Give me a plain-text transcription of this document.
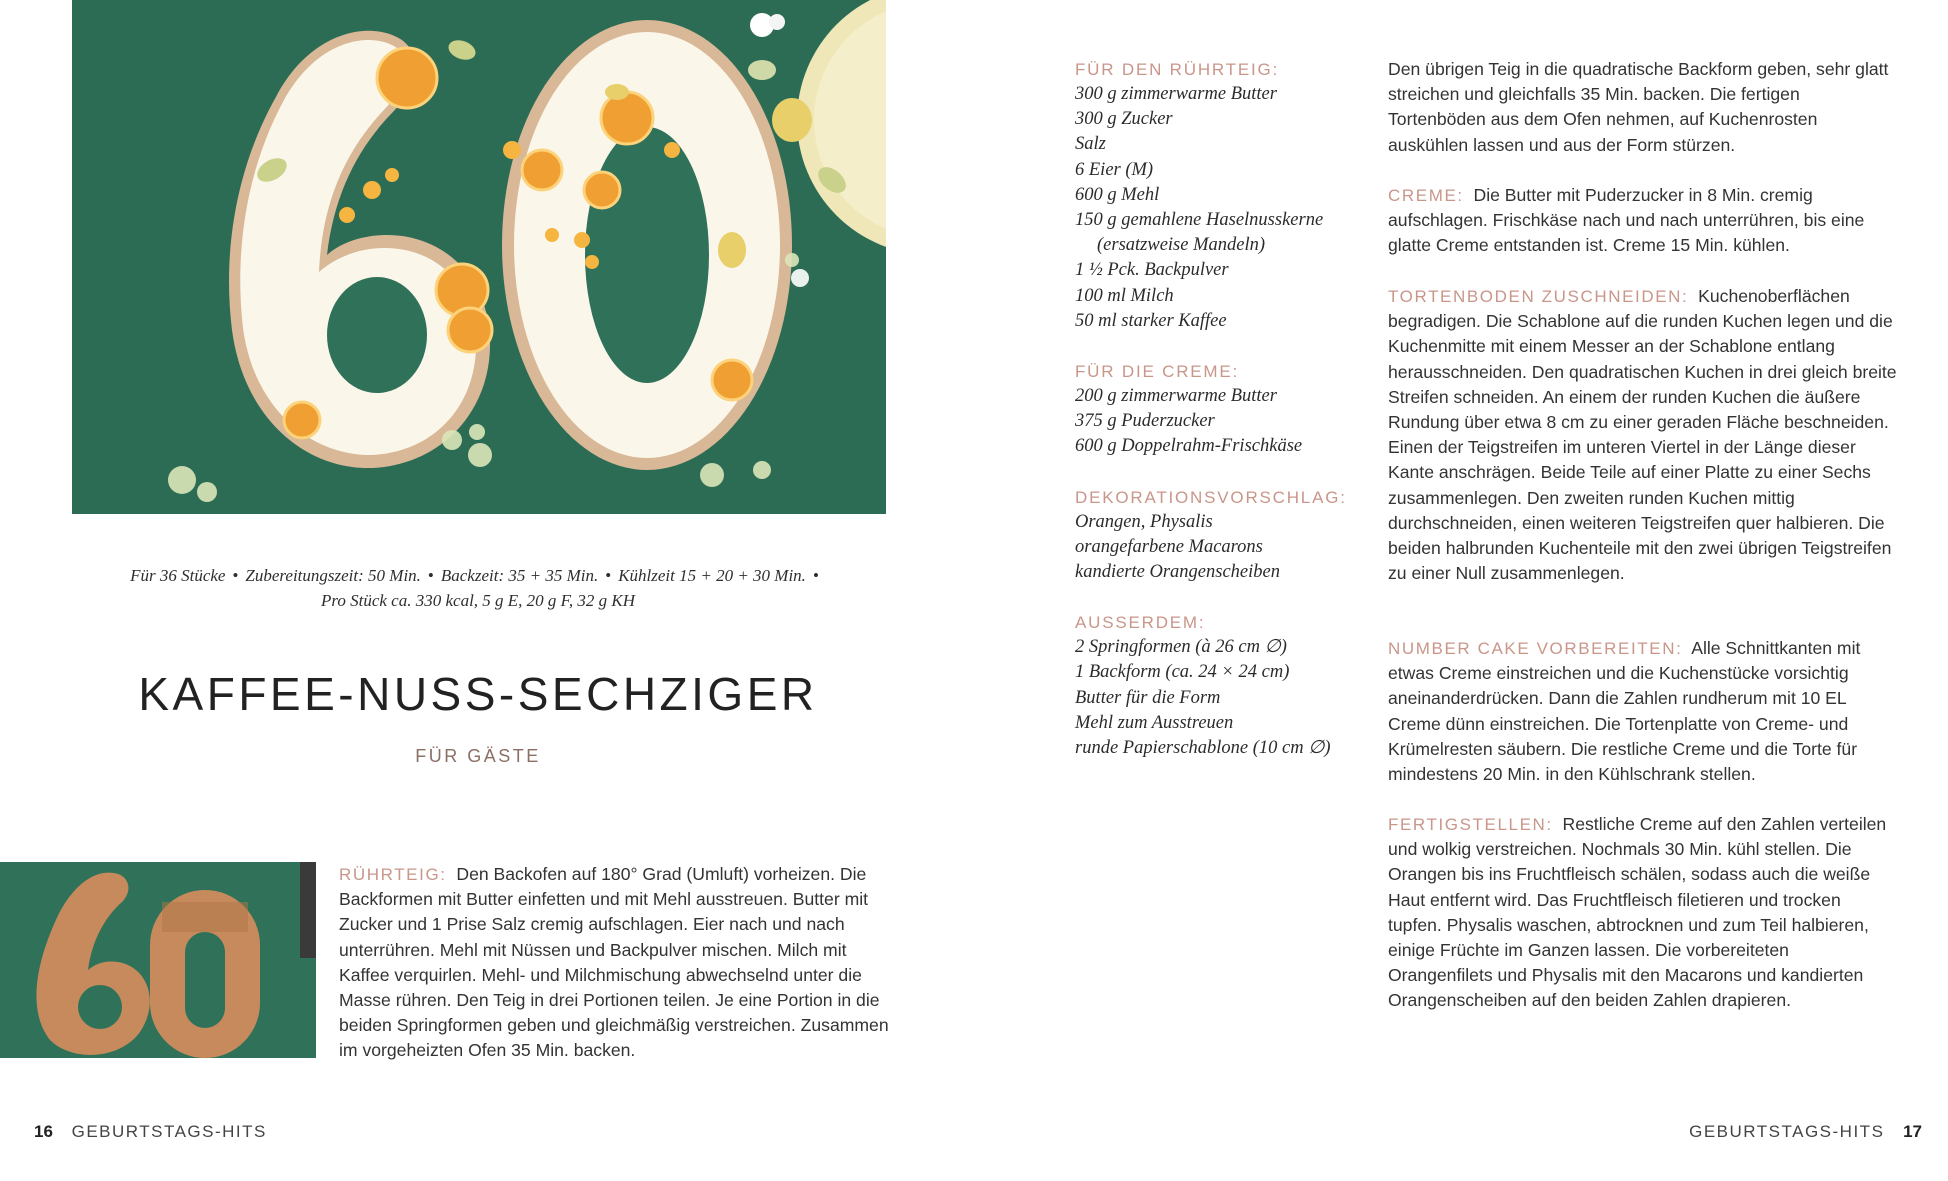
Für 36 Stücke • Zubereitungszeit: 50 Min. • Backzeit: 35 + 35 Min. • Kühlzeit 15 + 20 + 30 Min. •
Pro Stück ca. 330 kcal, 5 g E, 20 g F, 32 g KH
KAFFEE-NUSS-SECHZIGER
FÜR GÄSTE
RÜHRTEIG: Den Backofen auf 180° Grad (Umluft) vorheizen. Die Backformen mit Butter einfetten und mit Mehl ausstreuen. Butter mit Zucker und 1 Prise Salz cremig aufschlagen. Eier nach und nach unterrühren. Mehl mit Nüssen und Backpulver mischen. Milch mit Kaffee verquirlen. Mehl- und Milchmischung abwechselnd unter die Masse rühren. Den Teig in drei Portionen teilen. Je eine Portion in die beiden Springformen geben und gleichmäßig verstreichen. Zusammen im vorgeheizten Ofen 35 Min. backen.
16 GEBURTSTAGS-HITS
FÜR DEN RÜHRTEIG:
300 g zimmerwarme Butter
300 g Zucker
Salz
6 Eier (M)
600 g Mehl
150 g gemahlene Haselnusskerne
(ersatzweise Mandeln)
1 ½ Pck. Backpulver
100 ml Milch
50 ml starker Kaffee
FÜR DIE CREME:
200 g zimmerwarme Butter
375 g Puderzucker
600 g Doppelrahm-Frischkäse
DEKORATIONSVORSCHLAG:
Orangen, Physalis
orangefarbene Macarons
kandierte Orangenscheiben
AUSSERDEM:
2 Springformen (à 26 cm ∅)
1 Backform (ca. 24 × 24 cm)
Butter für die Form
Mehl zum Ausstreuen
runde Papierschablone (10 cm ∅)
Den übrigen Teig in die quadratische Backform geben, sehr glatt streichen und gleichfalls 35 Min. backen. Die fertigen Tortenböden aus dem Ofen nehmen, auf Kuchenrosten auskühlen lassen und aus der Form stürzen.
CREME: Die Butter mit Puderzucker in 8 Min. cremig aufschlagen. Frischkäse nach und nach unterrühren, bis eine glatte Creme entstanden ist. Creme 15 Min. kühlen.
TORTENBODEN ZUSCHNEIDEN: Kuchenoberflächen begradigen. Die Schablone auf die runden Kuchen legen und die Kuchenmitte mit einem Messer an der Schablone entlang herausschneiden. Den quadratischen Kuchen in drei gleich breite Streifen schneiden. An einem der runden Kuchen die äußere Rundung über etwa 8 cm zu einer geraden Fläche beschneiden. Einen der Teigstreifen im unteren Viertel in der Länge dieser Kante anschrägen. Beide Teile auf einer Platte zu einer Sechs zusammenlegen. Den zweiten runden Kuchen mittig durchschneiden, einen weiteren Teigstreifen quer halbieren. Die beiden halbrunden Kuchenteile mit den zwei übrigen Teigstreifen zu einer Null zusammenlegen.
NUMBER CAKE VORBEREITEN: Alle Schnittkanten mit etwas Creme einstreichen und die Kuchenstücke vorsichtig aneinanderdrücken. Dann die Zahlen rundherum mit 10 EL Creme dünn einstreichen. Die Tortenplatte von Creme- und Krümelresten säubern. Die restliche Creme und die Torte für mindestens 20 Min. in den Kühlschrank stellen.
FERTIGSTELLEN: Restliche Creme auf den Zahlen verteilen und wolkig verstreichen. Nochmals 30 Min. kühl stellen. Die Orangen bis ins Fruchtfleisch schälen, sodass auch die weiße Haut entfernt wird. Das Fruchtfleisch filetieren und trocken tupfen. Physalis waschen, abtrocknen und zum Teil halbieren, einige Früchte im Ganzen lassen. Die vorbereiteten Orangenfilets und Physalis mit den Macarons und kandierten Orangenscheiben auf den beiden Zahlen drapieren.
GEBURTSTAGS-HITS 17
